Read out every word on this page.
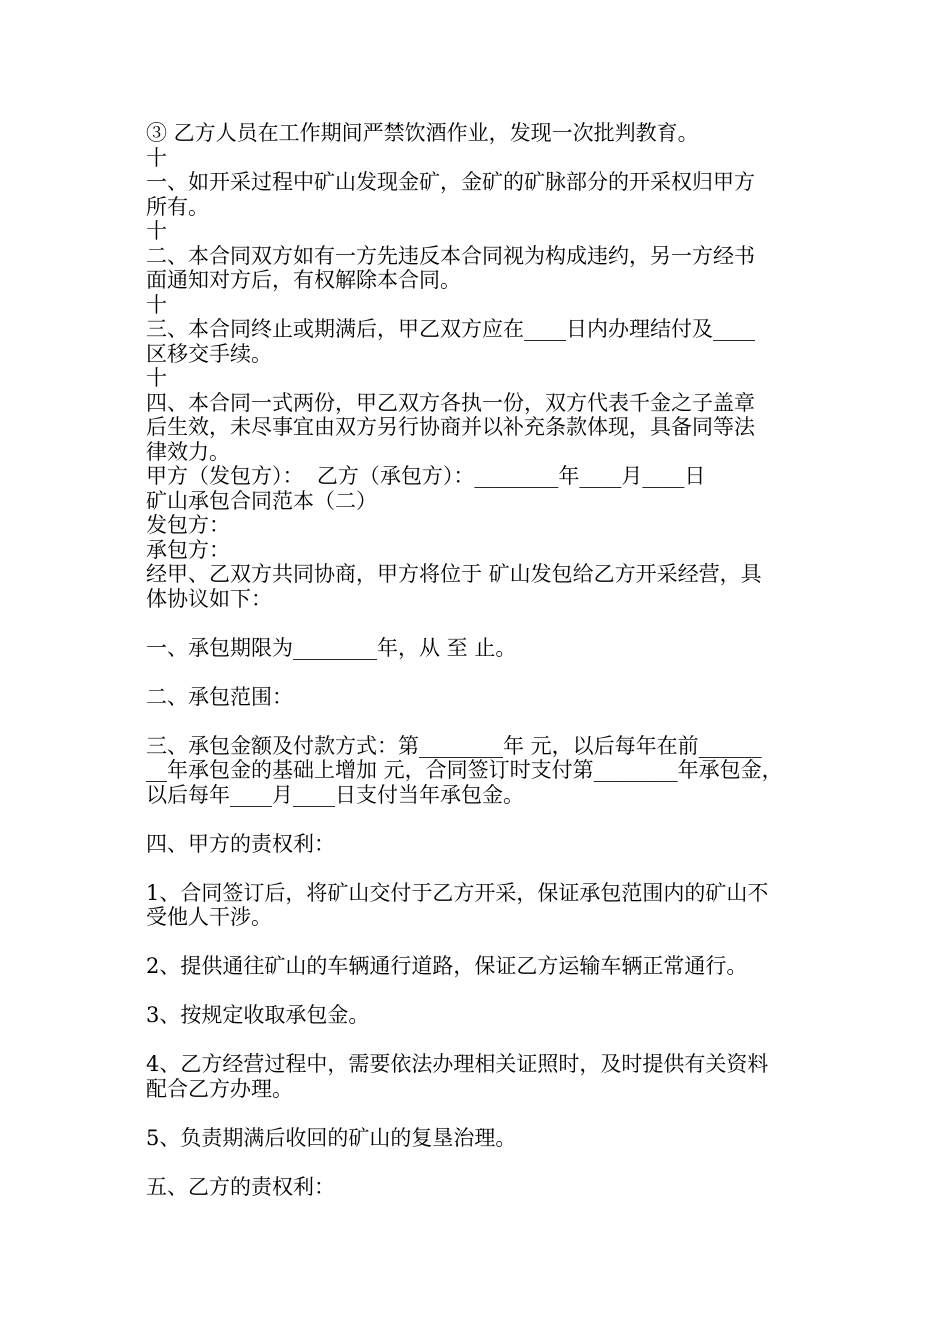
③ 乙方人员在工作期间严禁饮酒作业，发现一次批判教育。

十

一、如开采过程中矿山发现金矿，金矿的矿脉部分的开采权归甲方

所有。

十

二、本合同双方如有一方先违反本合同视为构成违约，另一方经书

面通知对方后，有权解除本合同。

十

三、本合同终止或期满后，甲乙双方应在____日内办理结付及____

区移交手续。

十

四、本合同一式两份，甲乙双方各执一份，双方代表千金之子盖章

后生效，未尽事宜由双方另行协商并以补充条款体现，具备同等法

律效力。

甲方（发包方）：  乙方（承包方）：________年____月____日

矿山承包合同范本（二）

发包方：

承包方：

经甲、乙双方共同协商，甲方将位于 矿山发包给乙方开采经营，具

体协议如下：

一、承包期限为________年，从 至 止。

二、承包范围：

三、承包金额及付款方式：第________年 元，以后每年在前______

__年承包金的基础上增加 元，合同签订时支付第________年承包金，

以后每年____月____日支付当年承包金。

四、甲方的责权利：

1、合同签订后，将矿山交付于乙方开采，保证承包范围内的矿山不

受他人干涉。

2、提供通往矿山的车辆通行道路，保证乙方运输车辆正常通行。

3、按规定收取承包金。

4、乙方经营过程中，需要依法办理相关证照时，及时提供有关资料

配合乙方办理。

5、负责期满后收回的矿山的复垦治理。

五、乙方的责权利：
